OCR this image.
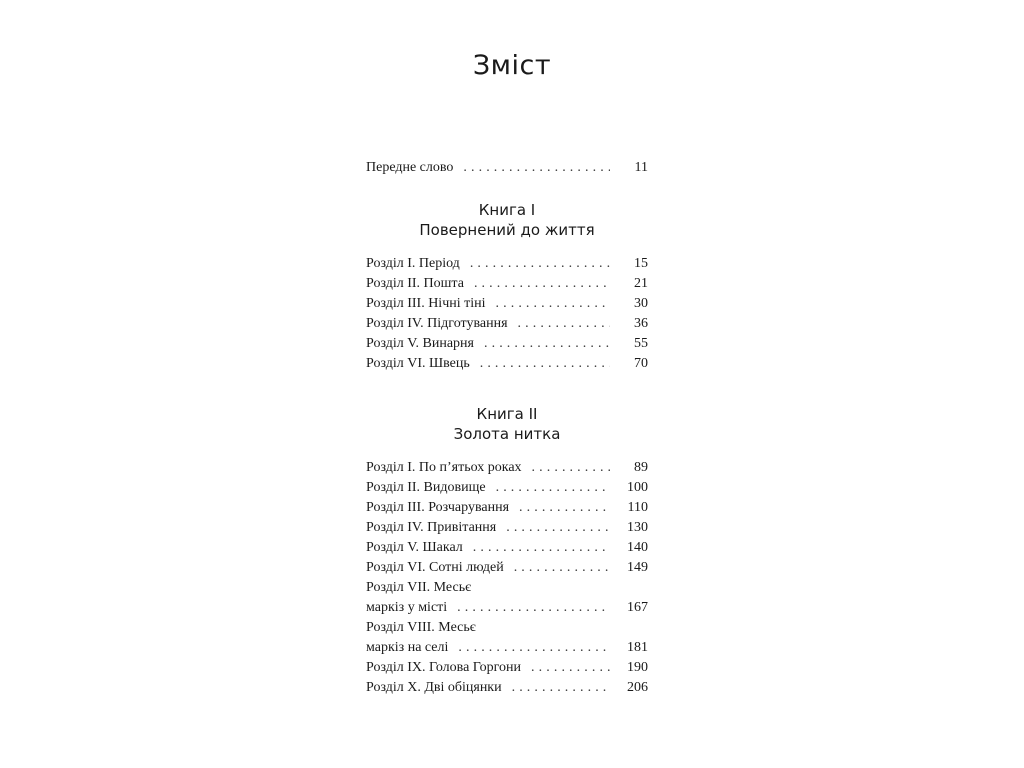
Зміст
Передне слово . . .	11
Книга I
Повернений до життя
Розділ I. Період . . .	15
Розділ II. Пошта . . .	21
Розділ III. Нічні тіні . . .	30
Розділ IV. Підготування . . .	36
Розділ V. Винарня . . .	55
Розділ VI. Швець . . .	70
Книга II
Золота нитка
Розділ I. По п’ятьох роках . . .	89
Розділ II. Видовище . . .	100
Розділ III. Розчарування . . .	110
Розділ IV. Привітання . . .	130
Розділ V. Шакал . . .	140
Розділ VI. Сотні людей . . .	149
Розділ VII. Месьє
маркіз у місті . . .	167
Розділ VIII. Месьє
маркіз на селі . . .	181
Розділ IX. Голова Горгони . . .	190
Розділ X. Дві обіцянки . . .	206
